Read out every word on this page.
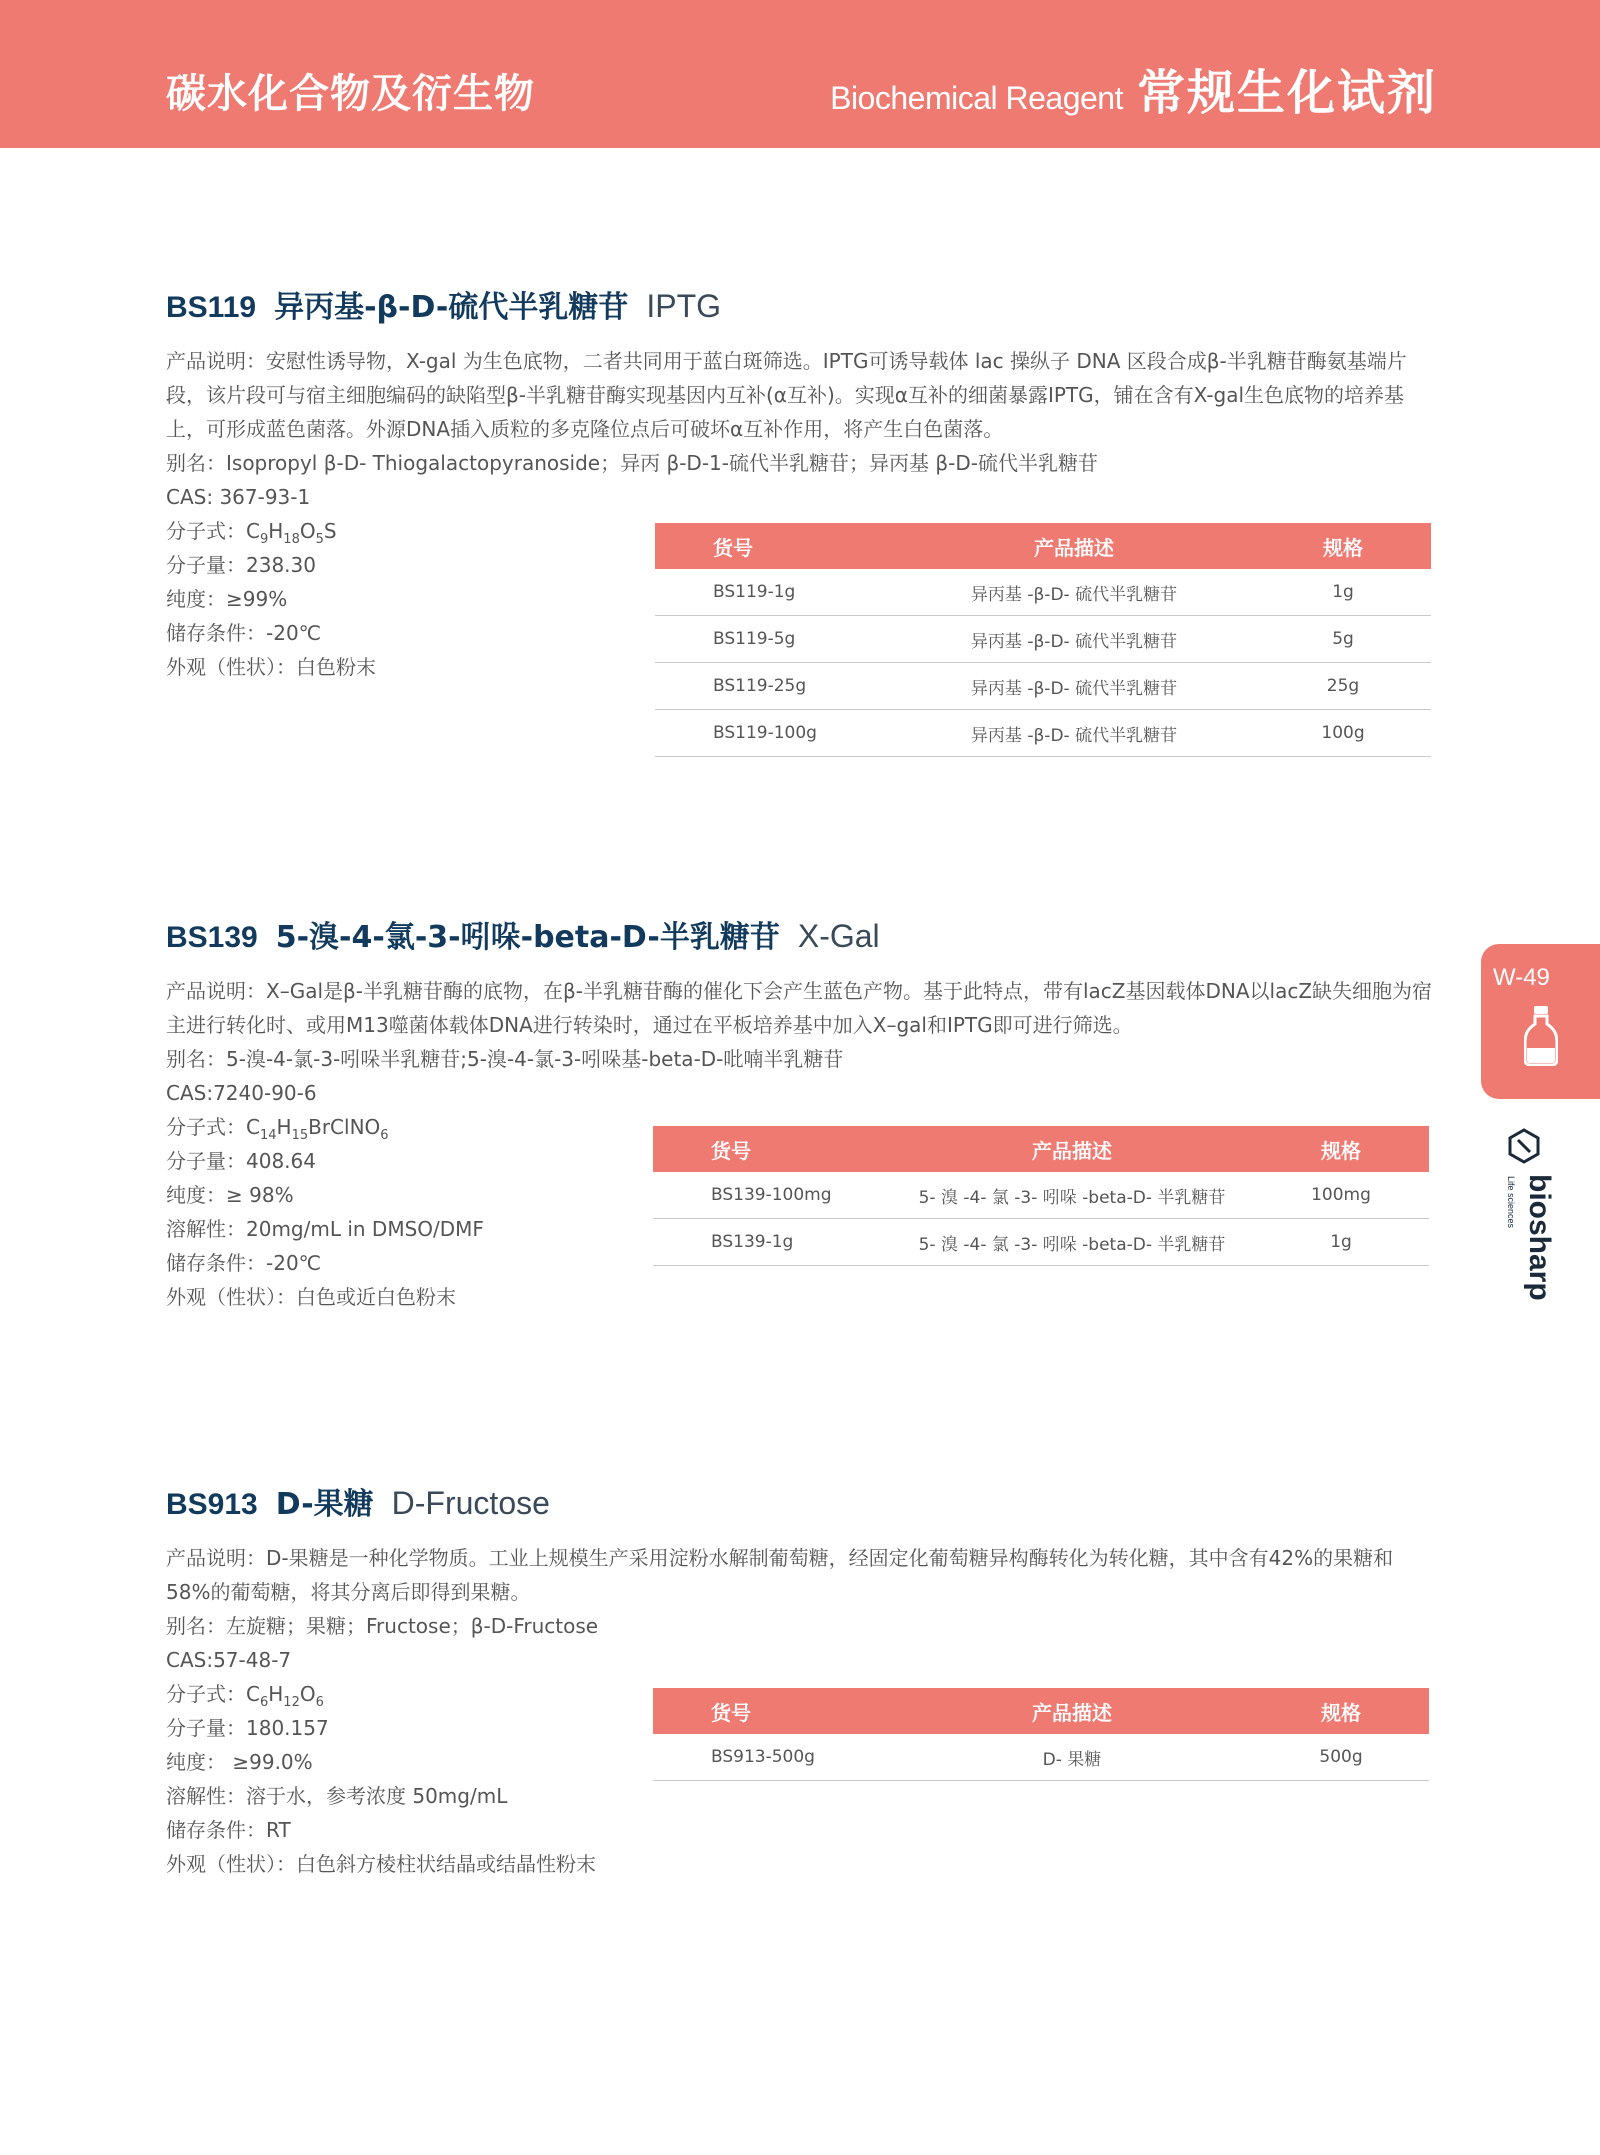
碳水化合物及衍生物	Biochemical Reagent 常规生化试剂
BS119 异丙基-β-D-硫代半乳糖苷 IPTG

产品说明：安慰性诱导物，X-gal 为生色底物，二者共同用于蓝白斑筛选。IPTG可诱导载体 lac 操纵子 DNA 区段合成β-半乳糖苷酶氨基端片段，该片段可与宿主细胞编码的缺陷型β-半乳糖苷酶实现基因内互补(α互补)。实现α互补的细菌暴露IPTG，铺在含有X-gal生色底物的培养基上，可形成蓝色菌落。外源DNA插入质粒的多克隆位点后可破坏α互补作用，将产生白色菌落。

别名：Isopropyl β-D- Thiogalactopyranoside；异丙 β-D-1-硫代半乳糖苷；异丙基 β-D-硫代半乳糖苷
CAS: 367-93-1
分子式：$C_9H_{18}O_5S$
分子量：238.30
纯度：≥99%
储存条件：-20℃
外观（性状）：白色粉末
货号	产品描述	规格
BS119-1g	异丙基 -β-D- 硫代半乳糖苷	1g
BS119-5g	异丙基 -β-D- 硫代半乳糖苷	5g
BS119-25g	异丙基 -β-D- 硫代半乳糖苷	25g
BS119-100g	异丙基 -β-D- 硫代半乳糖苷	100g
BS139 5-溴-4-氯-3-吲哚-beta-D-半乳糖苷 X-Gal

产品说明：X–Gal是β-半乳糖苷酶的底物，在β-半乳糖苷酶的催化下会产生蓝色产物。基于此特点，带有lacZ基因载体DNA以lacZ缺失细胞为宿主进行转化时、或用M13噬菌体载体DNA进行转染时，通过在平板培养基中加入X–gal和IPTG即可进行筛选。

别名：5-溴-4-氯-3-吲哚半乳糖苷;5-溴-4-氯-3-吲哚基-beta-D-吡喃半乳糖苷
CAS:7240-90-6
分子式：$C_{14}H_{15}BrClNO_6$
分子量：408.64
纯度：≥ 98%
溶解性：20mg/mL in DMSO/DMF
储存条件：-20℃
外观（性状）：白色或近白色粉末
货号	产品描述	规格
BS139-100mg	5- 溴 -4- 氯 -3- 吲哚 -beta-D- 半乳糖苷	100mg
BS139-1g	5- 溴 -4- 氯 -3- 吲哚 -beta-D- 半乳糖苷	1g
BS913 D-果糖 D-Fructose

产品说明：D-果糖是一种化学物质。工业上规模生产采用淀粉水解制葡萄糖，经固定化葡萄糖异构酶转化为转化糖，其中含有42%的果糖和58%的葡萄糖，将其分离后即得到果糖。

别名：左旋糖；果糖；Fructose；β-D-Fructose
CAS:57-48-7
分子式：$C_6H_{12}O_6$
分子量：180.157
纯度： ≥99.0%
溶解性：溶于水，参考浓度 50mg/mL
储存条件：RT
外观（性状）：白色斜方棱柱状结晶或结晶性粉末
货号	产品描述	规格
BS913-500g	D- 果糖	500g
W-49
biosharp
Life sciences
